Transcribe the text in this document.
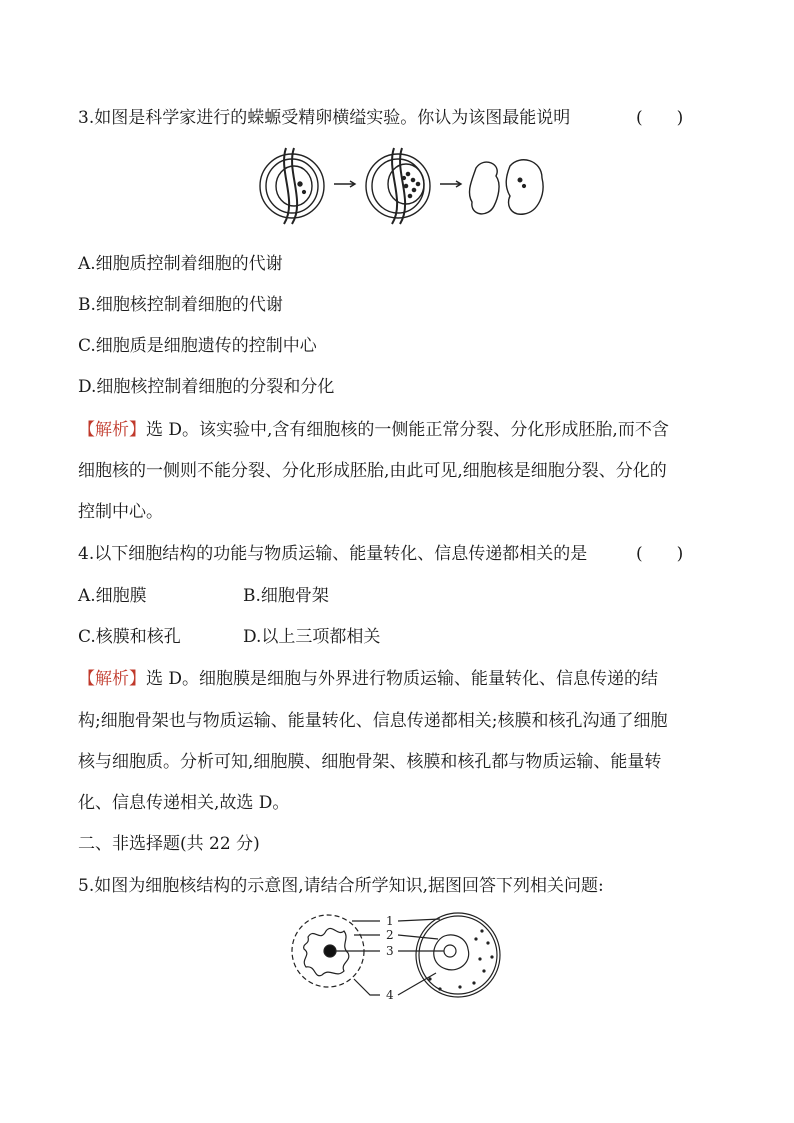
3.如图是科学家进行的蝾螈受精卵横缢实验。你认为该图最能说明	(　　)
A.细胞质控制着细胞的代谢
B.细胞核控制着细胞的代谢
C.细胞质是细胞遗传的控制中心
D.细胞核控制着细胞的分裂和分化
【解析】选 D。该实验中,含有细胞核的一侧能正常分裂、分化形成胚胎,而不含
细胞核的一侧则不能分裂、分化形成胚胎,由此可见,细胞核是细胞分裂、分化的
控制中心。
4.以下细胞结构的功能与物质运输、能量转化、信息传递都相关的是	(　　)
A.细胞膜	B.细胞骨架
C.核膜和核孔	D.以上三项都相关
【解析】选 D。细胞膜是细胞与外界进行物质运输、能量转化、信息传递的结
构;细胞骨架也与物质运输、能量转化、信息传递都相关;核膜和核孔沟通了细胞
核与细胞质。分析可知,细胞膜、细胞骨架、核膜和核孔都与物质运输、能量转
化、信息传递相关,故选 D。
二、非选择题(共 22 分)
5.如图为细胞核结构的示意图,请结合所学知识,据图回答下列相关问题:
1
2
3
4
